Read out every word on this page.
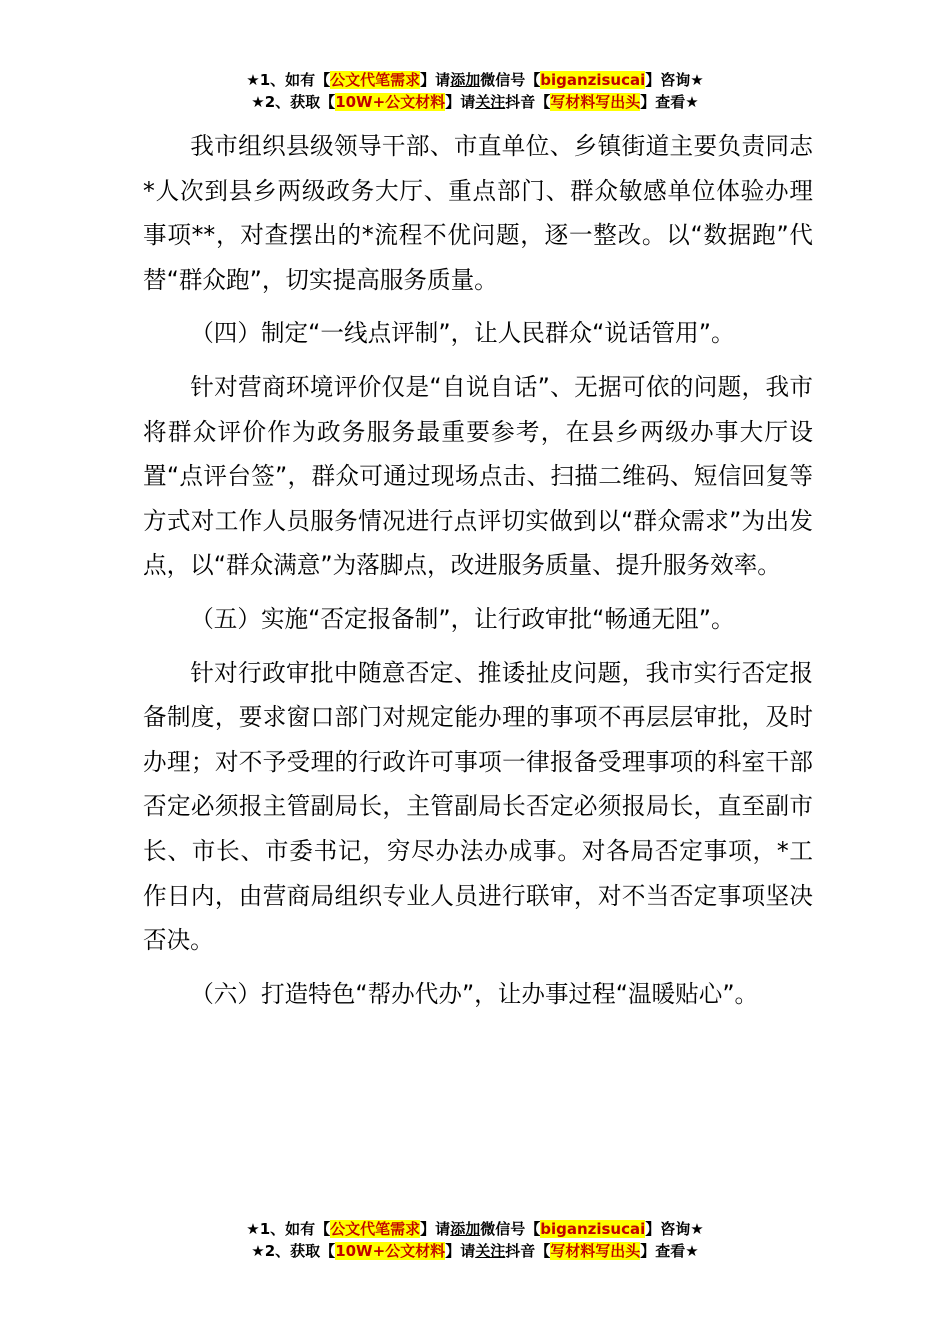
★1、如有【公文代笔需求】请添加微信号【biganzisucai】咨询★
★2、获取【10W+公文材料】请关注抖音【写材料写出头】查看★

我市组织县级领导干部、市直单位、乡镇街道主要负责同志*人次到县乡两级政务大厅、重点部门、群众敏感单位体验办理事项**，对查摆出的*流程不优问题，逐一整改。以“数据跑”代替“群众跑”，切实提高服务质量。

（四）制定“一线点评制”，让人民群众“说话管用”。

针对营商环境评价仅是“自说自话”、无据可依的问题，我市将群众评价作为政务服务最重要参考，在县乡两级办事大厅设置“点评台签”，群众可通过现场点击、扫描二维码、短信回复等方式对工作人员服务情况进行点评切实做到以“群众需求”为出发点，以“群众满意”为落脚点，改进服务质量、提升服务效率。

（五）实施“否定报备制”，让行政审批“畅通无阻”。

针对行政审批中随意否定、推诿扯皮问题，我市实行否定报备制度，要求窗口部门对规定能办理的事项不再层层审批，及时办理；对不予受理的行政许可事项一律报备受理事项的科室干部否定必须报主管副局长，主管副局长否定必须报局长，直至副市长、市长、市委书记，穷尽办法办成事。对各局否定事项，*工作日内，由营商局组织专业人员进行联审，对不当否定事项坚决否决。

（六）打造特色“帮办代办”，让办事过程“温暖贴心”。

★1、如有【公文代笔需求】请添加微信号【biganzisucai】咨询★
★2、获取【10W+公文材料】请关注抖音【写材料写出头】查看★
